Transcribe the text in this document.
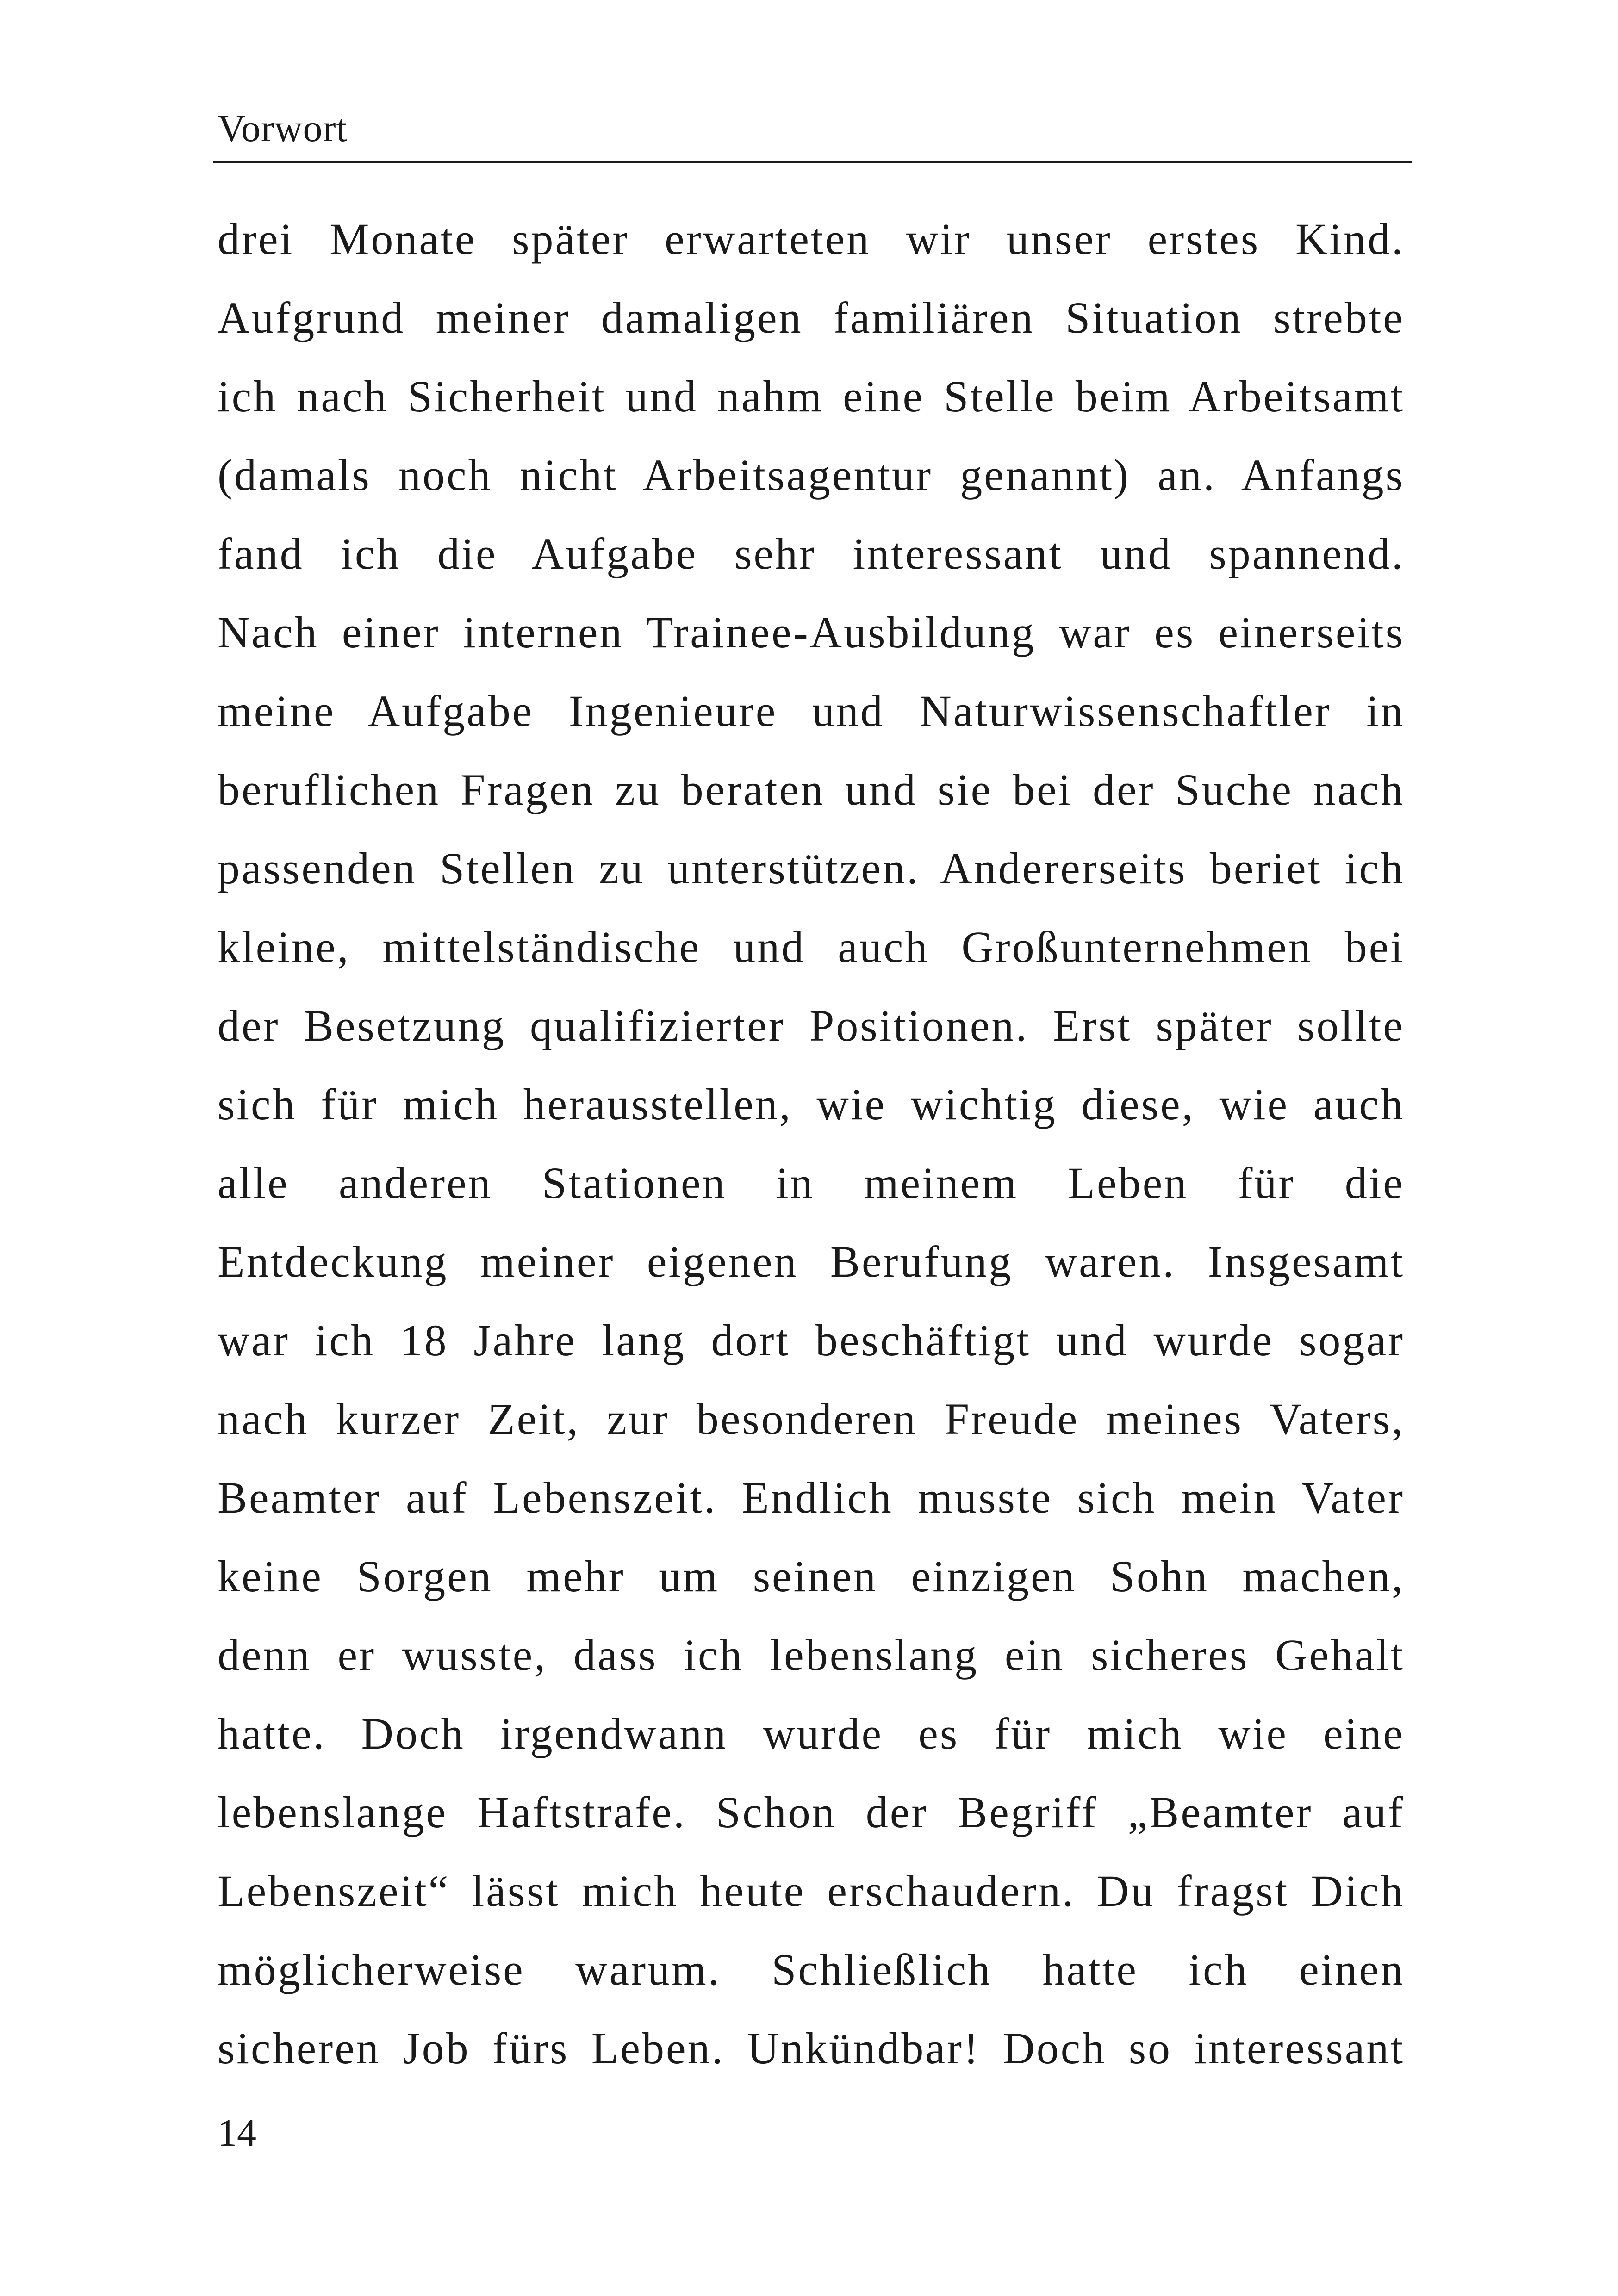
Vorwort
drei Monate später erwarteten wir unser erstes Kind.
Aufgrund meiner damaligen familiären Situation strebte
ich nach Sicherheit und nahm eine Stelle beim Arbeitsamt
(damals noch nicht Arbeitsagentur genannt) an. Anfangs
fand ich die Aufgabe sehr interessant und spannend.
Nach einer internen Trainee-Ausbildung war es einerseits
meine Aufgabe Ingenieure und Naturwissenschaftler in
beruflichen Fragen zu beraten und sie bei der Suche nach
passenden Stellen zu unterstützen. Andererseits beriet ich
kleine, mittelständische und auch Großunternehmen bei
der Besetzung qualifizierter Positionen. Erst später sollte
sich für mich herausstellen, wie wichtig diese, wie auch
alle anderen Stationen in meinem Leben für die
Entdeckung meiner eigenen Berufung waren. Insgesamt
war ich 18 Jahre lang dort beschäftigt und wurde sogar
nach kurzer Zeit, zur besonderen Freude meines Vaters,
Beamter auf Lebenszeit. Endlich musste sich mein Vater
keine Sorgen mehr um seinen einzigen Sohn machen,
denn er wusste, dass ich lebenslang ein sicheres Gehalt
hatte. Doch irgendwann wurde es für mich wie eine
lebenslange Haftstrafe. Schon der Begriff „Beamter auf
Lebenszeit“ lässt mich heute erschaudern. Du fragst Dich
möglicherweise warum. Schließlich hatte ich einen
sicheren Job fürs Leben. Unkündbar! Doch so interessant
14
